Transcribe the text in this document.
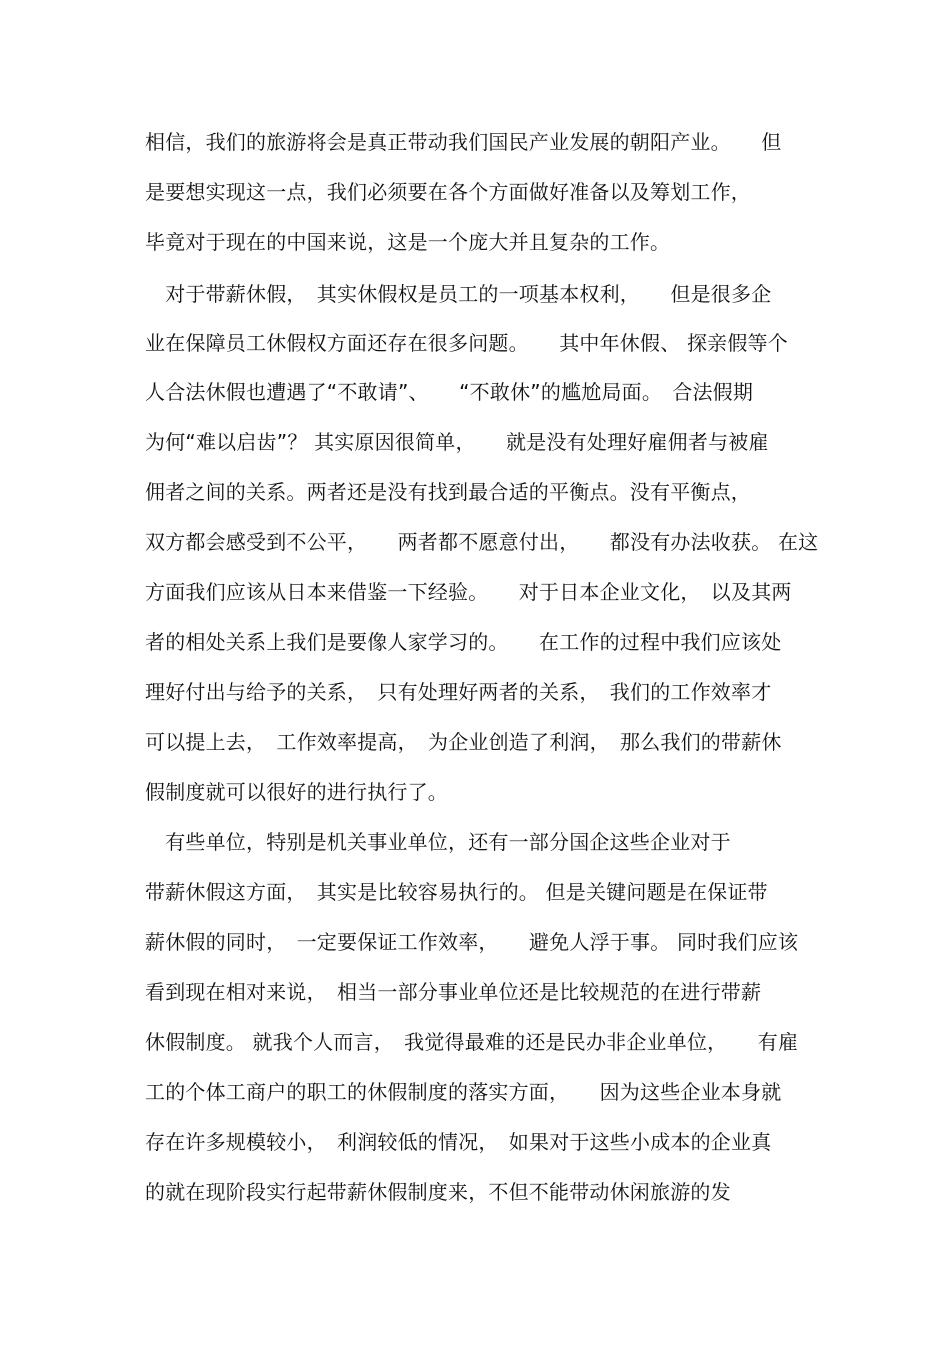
相信，我们的旅游将会是真正带动我们国民产业发展的朝阳产业。　　但
是要想实现这一点，我们必须要在各个方面做好准备以及筹划工作，
毕竟对于现在的中国来说，这是一个庞大并且复杂的工作。
　对于带薪休假，　其实休假权是员工的一项基本权利，　　但是很多企
业在保障员工休假权方面还存在很多问题。　　其中年休假、 探亲假等个
人合法休假也遭遇了“不敢请”、　　“不敢休”的尴尬局面。　合法假期
为何“难以启齿”？ 其实原因很简单，　　就是没有处理好雇佣者与被雇
佣者之间的关系。两者还是没有找到最合适的平衡点。没有平衡点，
双方都会感受到不公平，　　两者都不愿意付出，　　都没有办法收获。 在这
方面我们应该从日本来借鉴一下经验。　　对于日本企业文化，　以及其两
者的相处关系上我们是要像人家学习的。　　在工作的过程中我们应该处
理好付出与给予的关系，　只有处理好两者的关系，　我们的工作效率才
可以提上去，　工作效率提高，　为企业创造了利润，　那么我们的带薪休
假制度就可以很好的进行执行了。
　有些单位，特别是机关事业单位，还有一部分国企这些企业对于
带薪休假这方面，　其实是比较容易执行的。 但是关键问题是在保证带
薪休假的同时，　一定要保证工作效率，　　避免人浮于事。 同时我们应该
看到现在相对来说，　相当一部分事业单位还是比较规范的在进行带薪
休假制度。 就我个人而言，　我觉得最难的还是民办非企业单位，　　有雇
工的个体工商户的职工的休假制度的落实方面，　　因为这些企业本身就
存在许多规模较小，　利润较低的情况，　如果对于这些小成本的企业真
的就在现阶段实行起带薪休假制度来，不但不能带动休闲旅游的发
